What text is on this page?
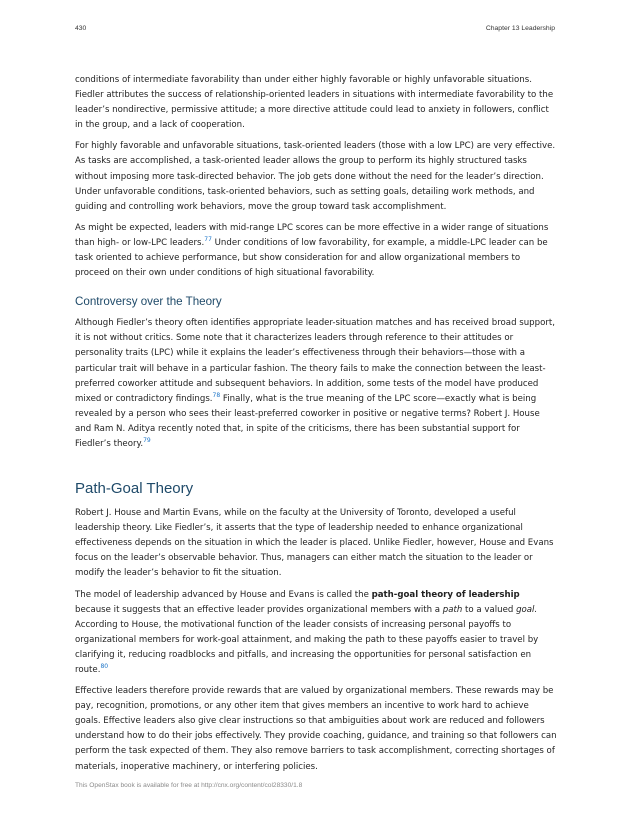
430	Chapter 13 Leadership

conditions of intermediate favorability than under either highly favorable or highly unfavorable situations. Fiedler attributes the success of relationship-oriented leaders in situations with intermediate favorability to the leader’s nondirective, permissive attitude; a more directive attitude could lead to anxiety in followers, conflict in the group, and a lack of cooperation.

For highly favorable and unfavorable situations, task-oriented leaders (those with a low LPC) are very effective. As tasks are accomplished, a task-oriented leader allows the group to perform its highly structured tasks without imposing more task-directed behavior. The job gets done without the need for the leader’s direction. Under unfavorable conditions, task-oriented behaviors, such as setting goals, detailing work methods, and guiding and controlling work behaviors, move the group toward task accomplishment.

As might be expected, leaders with mid-range LPC scores can be more effective in a wider range of situations than high- or low-LPC leaders.$^{77}$ Under conditions of low favorability, for example, a middle-LPC leader can be task oriented to achieve performance, but show consideration for and allow organizational members to proceed on their own under conditions of high situational favorability.

Controversy over the Theory

Although Fiedler’s theory often identifies appropriate leader-situation matches and has received broad support, it is not without critics. Some note that it characterizes leaders through reference to their attitudes or personality traits (LPC) while it explains the leader’s effectiveness through their behaviors—those with a particular trait will behave in a particular fashion. The theory fails to make the connection between the least-preferred coworker attitude and subsequent behaviors. In addition, some tests of the model have produced mixed or contradictory findings.$^{78}$ Finally, what is the true meaning of the LPC score—exactly what is being revealed by a person who sees their least-preferred coworker in positive or negative terms? Robert J. House and Ram N. Aditya recently noted that, in spite of the criticisms, there has been substantial support for Fiedler’s theory.$^{79}$

Path-Goal Theory

Robert J. House and Martin Evans, while on the faculty at the University of Toronto, developed a useful leadership theory. Like Fiedler’s, it asserts that the type of leadership needed to enhance organizational effectiveness depends on the situation in which the leader is placed. Unlike Fiedler, however, House and Evans focus on the leader’s observable behavior. Thus, managers can either match the situation to the leader or modify the leader’s behavior to fit the situation.

The model of leadership advanced by House and Evans is called the path-goal theory of leadership because it suggests that an effective leader provides organizational members with a path to a valued goal. According to House, the motivational function of the leader consists of increasing personal payoffs to organizational members for work-goal attainment, and making the path to these payoffs easier to travel by clarifying it, reducing roadblocks and pitfalls, and increasing the opportunities for personal satisfaction en route.$^{80}$

Effective leaders therefore provide rewards that are valued by organizational members. These rewards may be pay, recognition, promotions, or any other item that gives members an incentive to work hard to achieve goals. Effective leaders also give clear instructions so that ambiguities about work are reduced and followers understand how to do their jobs effectively. They provide coaching, guidance, and training so that followers can perform the task expected of them. They also remove barriers to task accomplishment, correcting shortages of materials, inoperative machinery, or interfering policies.

This OpenStax book is available for free at http://cnx.org/content/col28330/1.8
